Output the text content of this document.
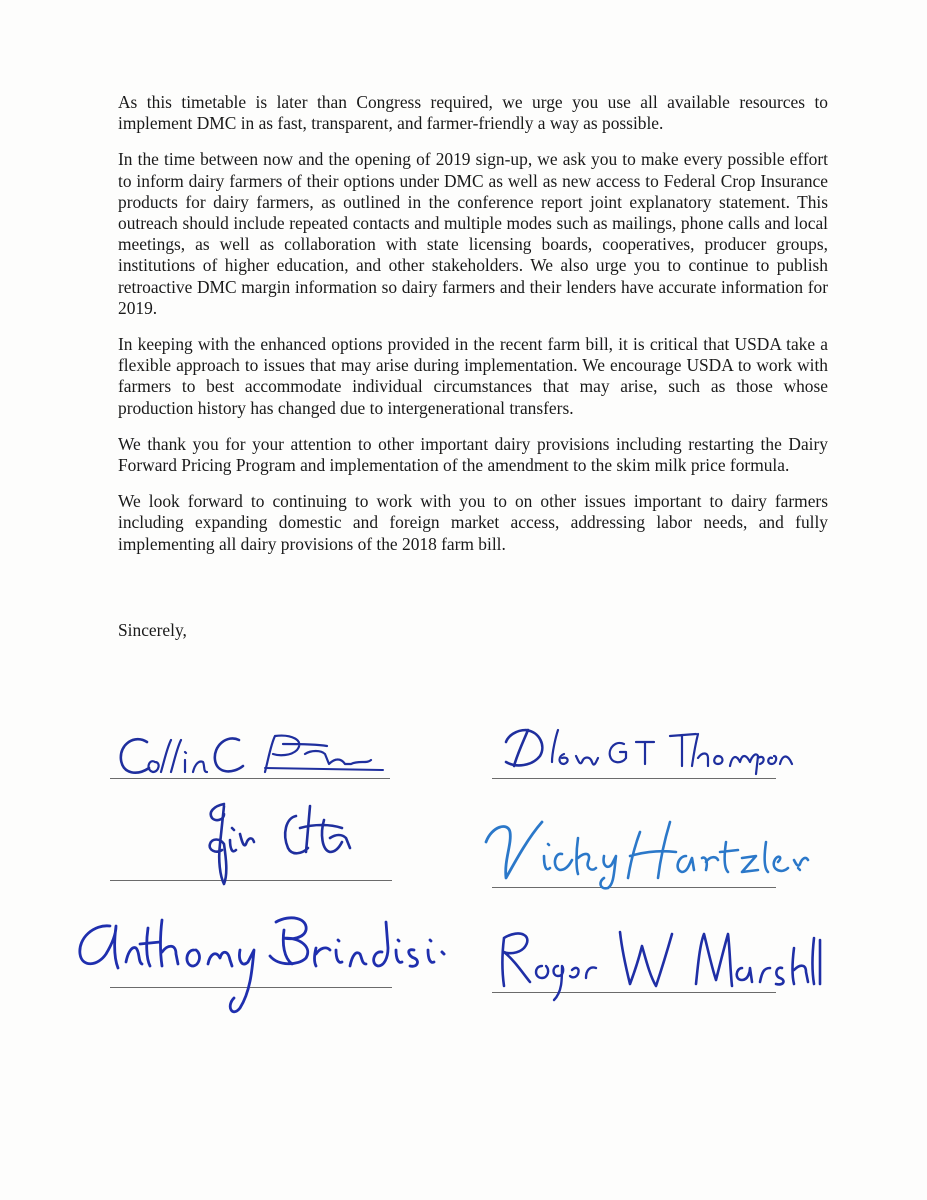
As this timetable is later than Congress required, we urge you use all available resources to implement DMC in as fast, transparent, and farmer-friendly a way as possible.

In the time between now and the opening of 2019 sign-up, we ask you to make every possible effort to inform dairy farmers of their options under DMC as well as new access to Federal Crop Insurance products for dairy farmers, as outlined in the conference report joint explanatory statement. This outreach should include repeated contacts and multiple modes such as mailings, phone calls and local meetings, as well as collaboration with state licensing boards, cooperatives, producer groups, institutions of higher education, and other stakeholders. We also urge you to continue to publish retroactive DMC margin information so dairy farmers and their lenders have accurate information for 2019.

In keeping with the enhanced options provided in the recent farm bill, it is critical that USDA take a flexible approach to issues that may arise during implementation. We encourage USDA to work with farmers to best accommodate individual circumstances that may arise, such as those whose production history has changed due to intergenerational transfers.

We thank you for your attention to other important dairy provisions including restarting the Dairy Forward Pricing Program and implementation of the amendment to the skim milk price formula.

We look forward to continuing to work with you to on other issues important to dairy farmers including expanding domestic and foreign market access, addressing labor needs, and fully implementing all dairy provisions of the 2018 farm bill.

Sincerely,
